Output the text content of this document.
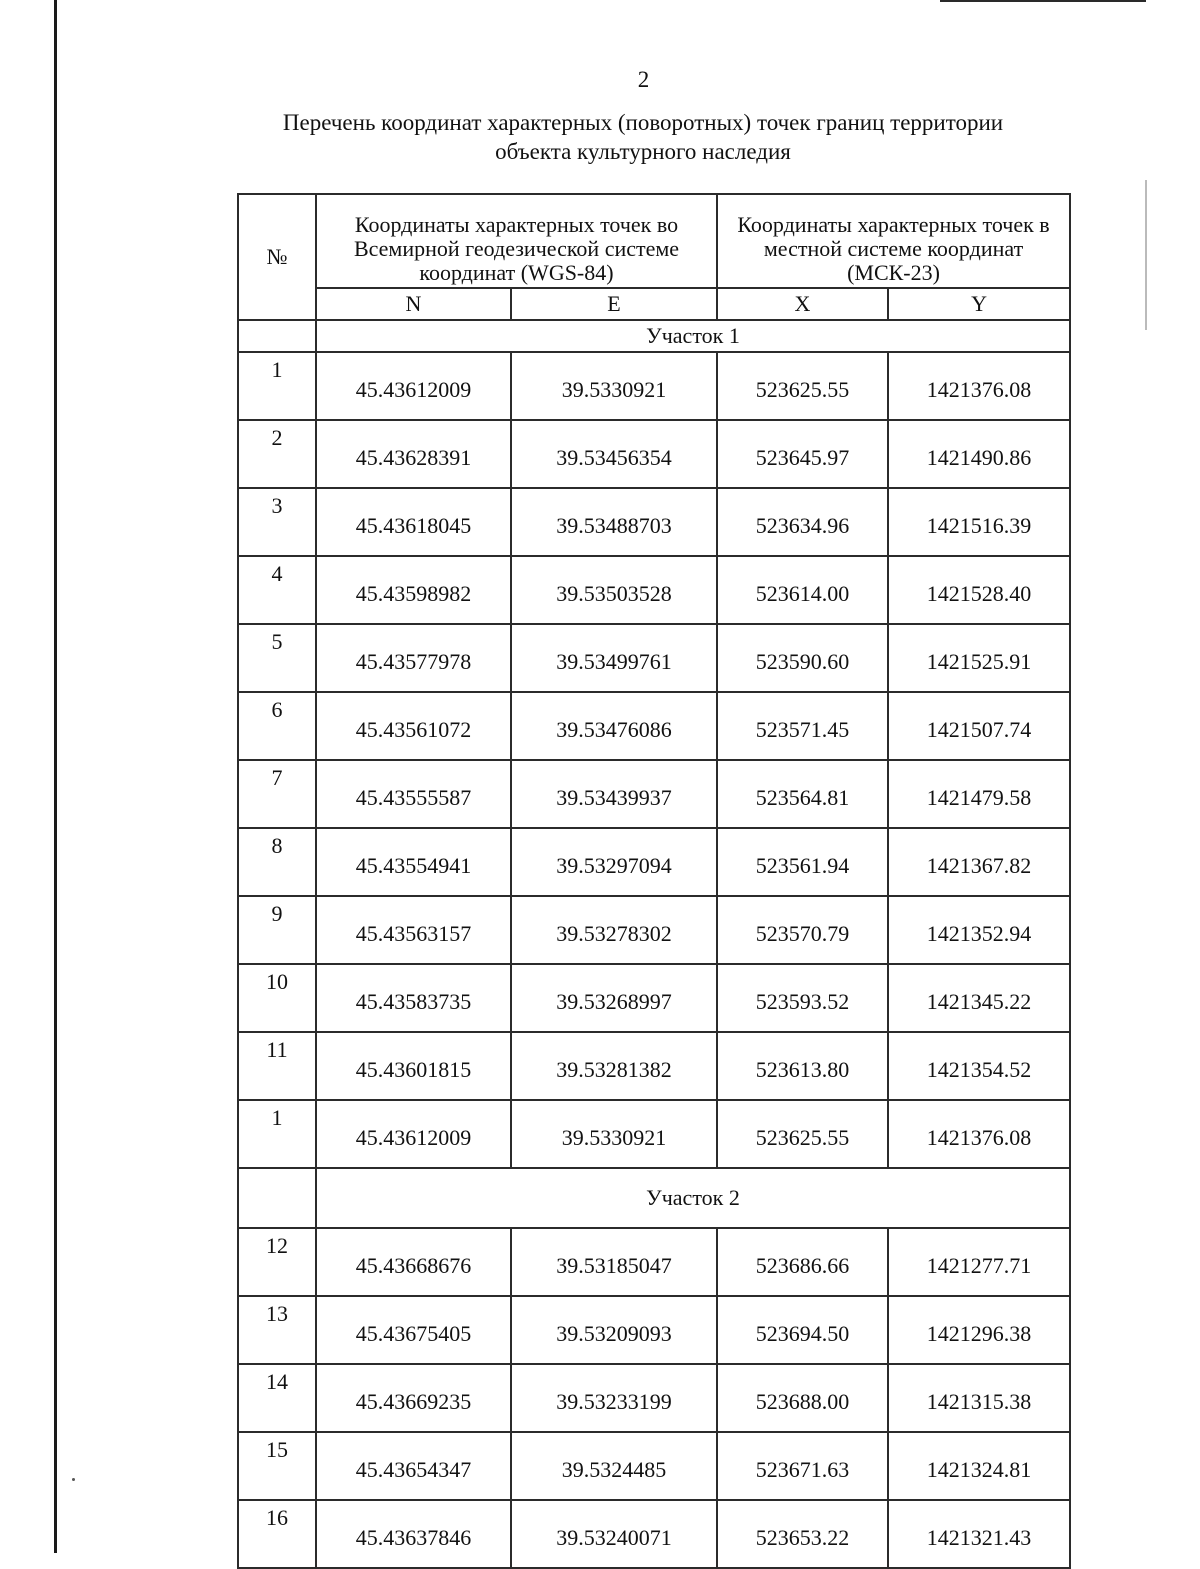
2
Перечень координат характерных (поворотных) точек границ территории
объекта культурного наследия
№	Координаты характерных точек во Всемирной геодезической системе координат (WGS-84)		Координаты характерных точек в местной системе координат (МСК-23)	
	N	E	X	Y
	Участок 1			
1	45.43612009	39.5330921	523625.55	1421376.08
2	45.43628391	39.53456354	523645.97	1421490.86
3	45.43618045	39.53488703	523634.96	1421516.39
4	45.43598982	39.53503528	523614.00	1421528.40
5	45.43577978	39.53499761	523590.60	1421525.91
6	45.43561072	39.53476086	523571.45	1421507.74
7	45.43555587	39.53439937	523564.81	1421479.58
8	45.43554941	39.53297094	523561.94	1421367.82
9	45.43563157	39.53278302	523570.79	1421352.94
10	45.43583735	39.53268997	523593.52	1421345.22
11	45.43601815	39.53281382	523613.80	1421354.52
1	45.43612009	39.5330921	523625.55	1421376.08
	Участок 2			
12	45.43668676	39.53185047	523686.66	1421277.71
13	45.43675405	39.53209093	523694.50	1421296.38
14	45.43669235	39.53233199	523688.00	1421315.38
15	45.43654347	39.5324485	523671.63	1421324.81
16	45.43637846	39.53240071	523653.22	1421321.43
